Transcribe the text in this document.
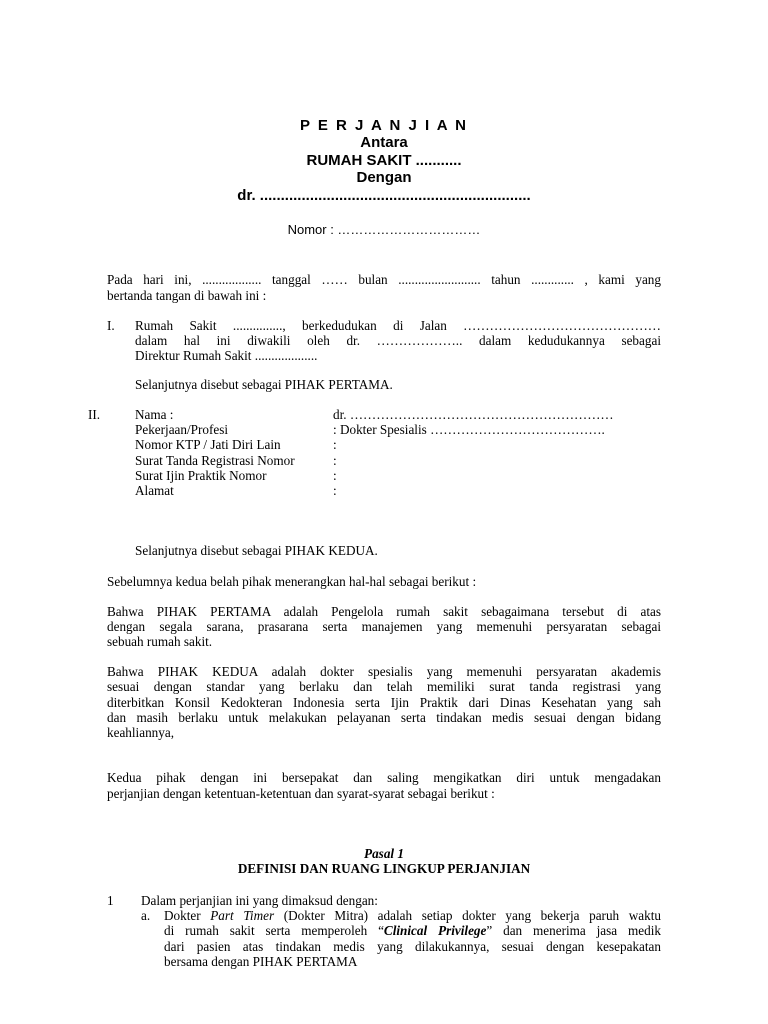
P E R J A N J I A N
Antara
RUMAH SAKIT ...........
Dengan
dr. .................................................................
Nomor : ……………………………
Pada hari ini, .................. tanggal …… bulan ......................... tahun ............. , kami yang
bertanda tangan di bawah ini :
I. Rumah Sakit ..............., berkedudukan di Jalan ………………………………………
dalam hal ini diwakili oleh dr. ……………….. dalam kedudukannya sebagai
Direktur Rumah Sakit ...................
Selanjutnya disebut sebagai PIHAK PERTAMA.
II.	Nama :	dr. ……………………………………………………
Pekerjaan/Profesi	: Dokter Spesialis ………………………………….
Nomor KTP / Jati Diri Lain	:
Surat Tanda Registrasi Nomor	:
Surat Ijin Praktik Nomor	:
Alamat	:
Selanjutnya disebut sebagai PIHAK KEDUA.
Sebelumnya kedua belah pihak menerangkan hal-hal sebagai berikut :
Bahwa PIHAK PERTAMA adalah Pengelola rumah sakit sebagaimana tersebut di atas
dengan segala sarana, prasarana serta manajemen yang memenuhi persyaratan sebagai
sebuah rumah sakit.
Bahwa PIHAK KEDUA adalah dokter spesialis yang memenuhi persyaratan akademis
sesuai dengan standar yang berlaku dan telah memiliki surat tanda registrasi yang
diterbitkan Konsil Kedokteran Indonesia serta Ijin Praktik dari Dinas Kesehatan yang sah
dan masih berlaku untuk melakukan pelayanan serta tindakan medis sesuai dengan bidang
keahliannya,
Kedua pihak dengan ini bersepakat dan saling mengikatkan diri untuk mengadakan
perjanjian dengan ketentuan-ketentuan dan syarat-syarat sebagai berikut :
Pasal 1
DEFINISI DAN RUANG LINGKUP PERJANJIAN
1 Dalam perjanjian ini yang dimaksud dengan:
a. Dokter Part Timer (Dokter Mitra) adalah setiap dokter yang bekerja paruh waktu
di rumah sakit serta memperoleh “Clinical Privilege” dan menerima jasa medik
dari pasien atas tindakan medis yang dilakukannya, sesuai dengan kesepakatan
bersama dengan PIHAK PERTAMA
